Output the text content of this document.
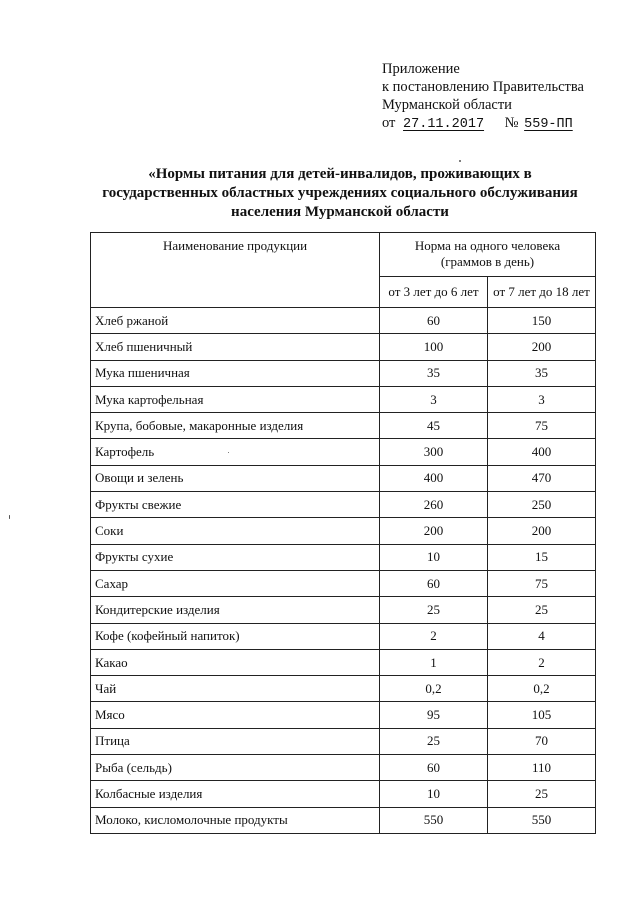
Приложение
к постановлению Правительства
Мурманской области
от 27.11.2017 № 559-ПП
«Нормы питания для детей-инвалидов, проживающих в
государственных областных учреждениях социального обслуживания
населения Мурманской области
Наименование продукции	Норма на одного человека
(граммов в день)	

	от 3 лет до 6 лет	от 7 лет до 18 лет
Хлеб ржаной	60	150
Хлеб пшеничный	100	200
Мука пшеничная	35	35
Мука картофельная	3	3
Крупа, бобовые, макаронные изделия	45	75
Картофель	300	400
Овощи и зелень	400	470
Фрукты свежие	260	250
Соки	200	200
Фрукты сухие	10	15
Сахар	60	75
Кондитерские изделия	25	25
Кофе (кофейный напиток)	2	4
Какао	1	2
Чай	0,2	0,2
Мясо	95	105
Птица	25	70
Рыба (сельдь)	60	110
Колбасные изделия	10	25
Молоко, кисломолочные продукты	550	550
